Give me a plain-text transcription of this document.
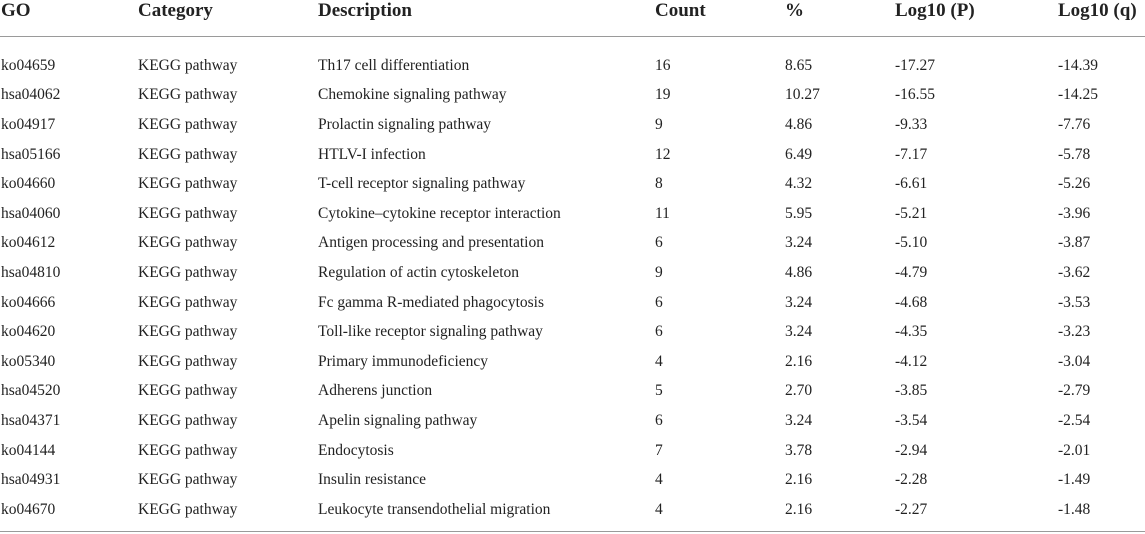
GO	Category	Description	Count	%	Log10 (P)	Log10 (q)
ko04659	KEGG pathway	Th17 cell differentiation	16	8.65	-17.27	-14.39
hsa04062	KEGG pathway	Chemokine signaling pathway	19	10.27	-16.55	-14.25
ko04917	KEGG pathway	Prolactin signaling pathway	9	4.86	-9.33	-7.76
hsa05166	KEGG pathway	HTLV-I infection	12	6.49	-7.17	-5.78
ko04660	KEGG pathway	T-cell receptor signaling pathway	8	4.32	-6.61	-5.26
hsa04060	KEGG pathway	Cytokine–cytokine receptor interaction	11	5.95	-5.21	-3.96
ko04612	KEGG pathway	Antigen processing and presentation	6	3.24	-5.10	-3.87
hsa04810	KEGG pathway	Regulation of actin cytoskeleton	9	4.86	-4.79	-3.62
ko04666	KEGG pathway	Fc gamma R-mediated phagocytosis	6	3.24	-4.68	-3.53
ko04620	KEGG pathway	Toll-like receptor signaling pathway	6	3.24	-4.35	-3.23
ko05340	KEGG pathway	Primary immunodeficiency	4	2.16	-4.12	-3.04
hsa04520	KEGG pathway	Adherens junction	5	2.70	-3.85	-2.79
hsa04371	KEGG pathway	Apelin signaling pathway	6	3.24	-3.54	-2.54
ko04144	KEGG pathway	Endocytosis	7	3.78	-2.94	-2.01
hsa04931	KEGG pathway	Insulin resistance	4	2.16	-2.28	-1.49
ko04670	KEGG pathway	Leukocyte transendothelial migration	4	2.16	-2.27	-1.48
